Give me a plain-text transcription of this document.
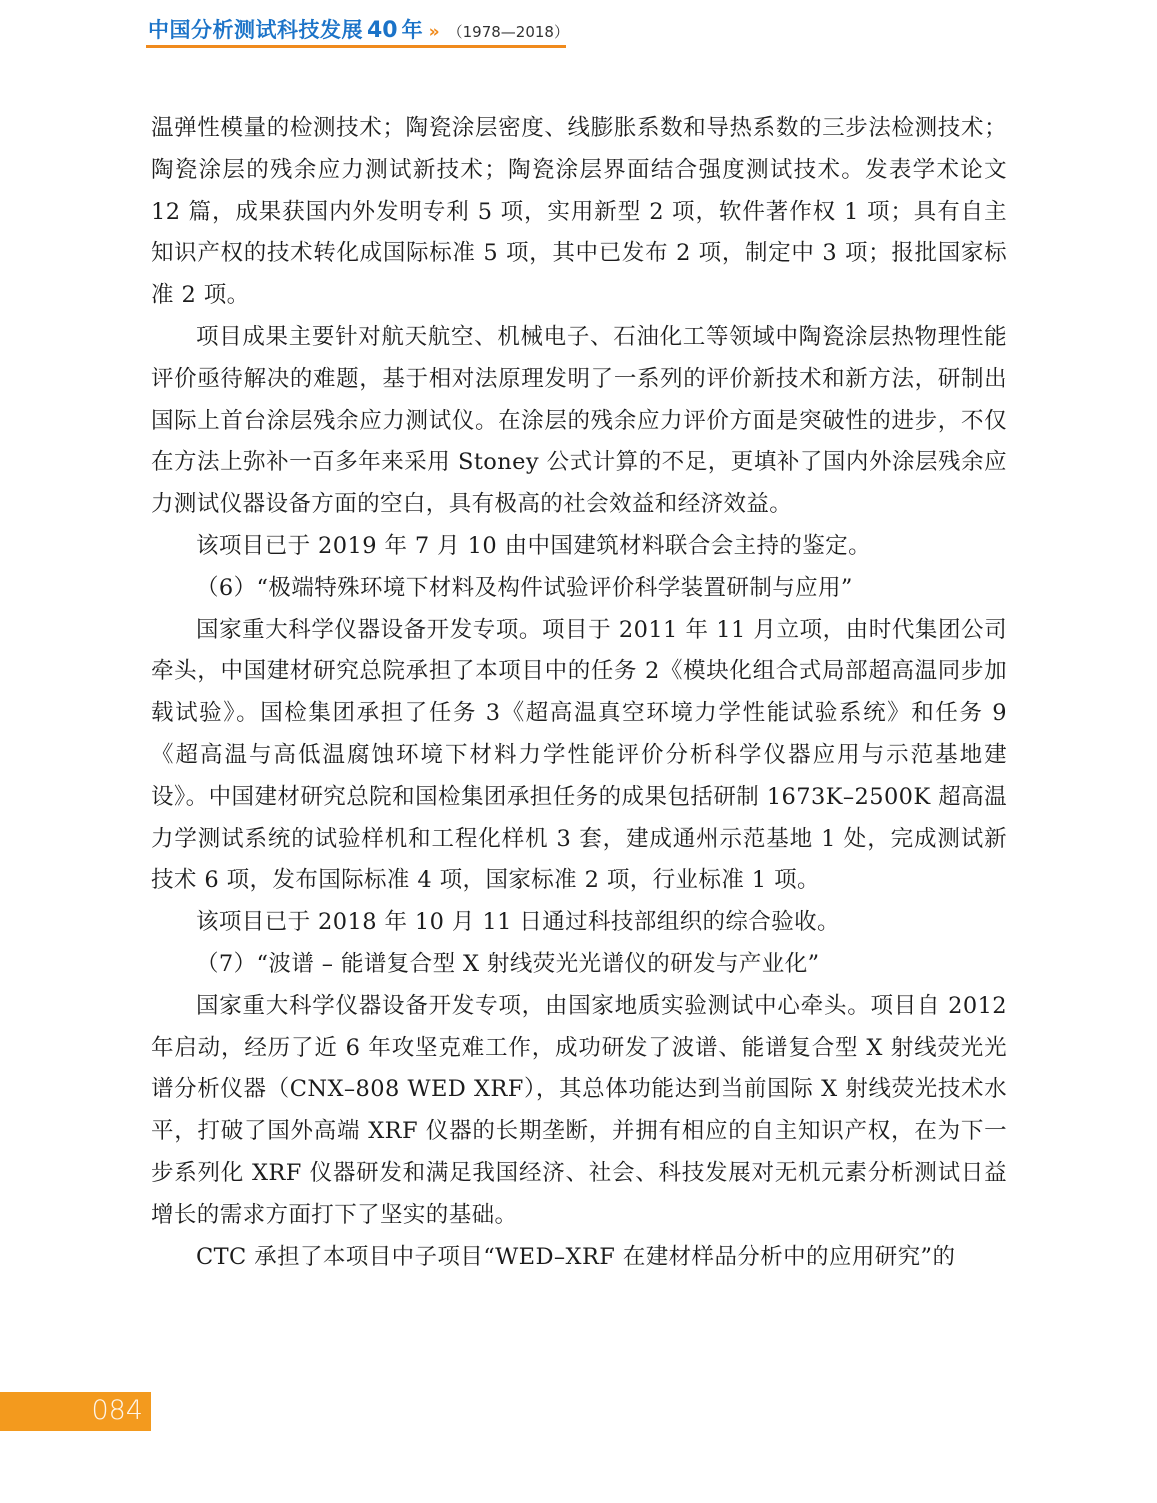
中国分析测试科技发展 40 年 » （1978—2018）

温弹性模量的检测技术；陶瓷涂层密度、线膨胀系数和导热系数的三步法检测技术；陶瓷涂层的残余应力测试新技术；陶瓷涂层界面结合强度测试技术。发表学术论文 12 篇，成果获国内外发明专利 5 项，实用新型 2 项，软件著作权 1 项；具有自主知识产权的技术转化成国际标准 5 项，其中已发布 2 项，制定中 3 项；报批国家标准 2 项。

项目成果主要针对航天航空、机械电子、石油化工等领域中陶瓷涂层热物理性能评价亟待解决的难题，基于相对法原理发明了一系列的评价新技术和新方法，研制出国际上首台涂层残余应力测试仪。在涂层的残余应力评价方面是突破性的进步，不仅在方法上弥补一百多年来采用 Stoney 公式计算的不足，更填补了国内外涂层残余应力测试仪器设备方面的空白，具有极高的社会效益和经济效益。

该项目已于 2019 年 7 月 10 由中国建筑材料联合会主持的鉴定。

（6）“极端特殊环境下材料及构件试验评价科学装置研制与应用”

国家重大科学仪器设备开发专项。项目于 2011 年 11 月立项，由时代集团公司牵头，中国建材研究总院承担了本项目中的任务 2《模块化组合式局部超高温同步加载试验》。国检集团承担了任务 3《超高温真空环境力学性能试验系统》和任务 9《超高温与高低温腐蚀环境下材料力学性能评价分析科学仪器应用与示范基地建设》。中国建材研究总院和国检集团承担任务的成果包括研制 1673K–2500K 超高温力学测试系统的试验样机和工程化样机 3 套，建成通州示范基地 1 处，完成测试新技术 6 项，发布国际标准 4 项，国家标准 2 项，行业标准 1 项。

该项目已于 2018 年 10 月 11 日通过科技部组织的综合验收。

（7）“波谱 – 能谱复合型 X 射线荧光光谱仪的研发与产业化”

国家重大科学仪器设备开发专项，由国家地质实验测试中心牵头。项目自 2012 年启动，经历了近 6 年攻坚克难工作，成功研发了波谱、能谱复合型 X 射线荧光光谱分析仪器（CNX–808 WED XRF），其总体功能达到当前国际 X 射线荧光技术水平，打破了国外高端 XRF 仪器的长期垄断，并拥有相应的自主知识产权，在为下一步系列化 XRF 仪器研发和满足我国经济、社会、科技发展对无机元素分析测试日益增长的需求方面打下了坚实的基础。

CTC 承担了本项目中子项目“WED–XRF 在建材样品分析中的应用研究”的

084
